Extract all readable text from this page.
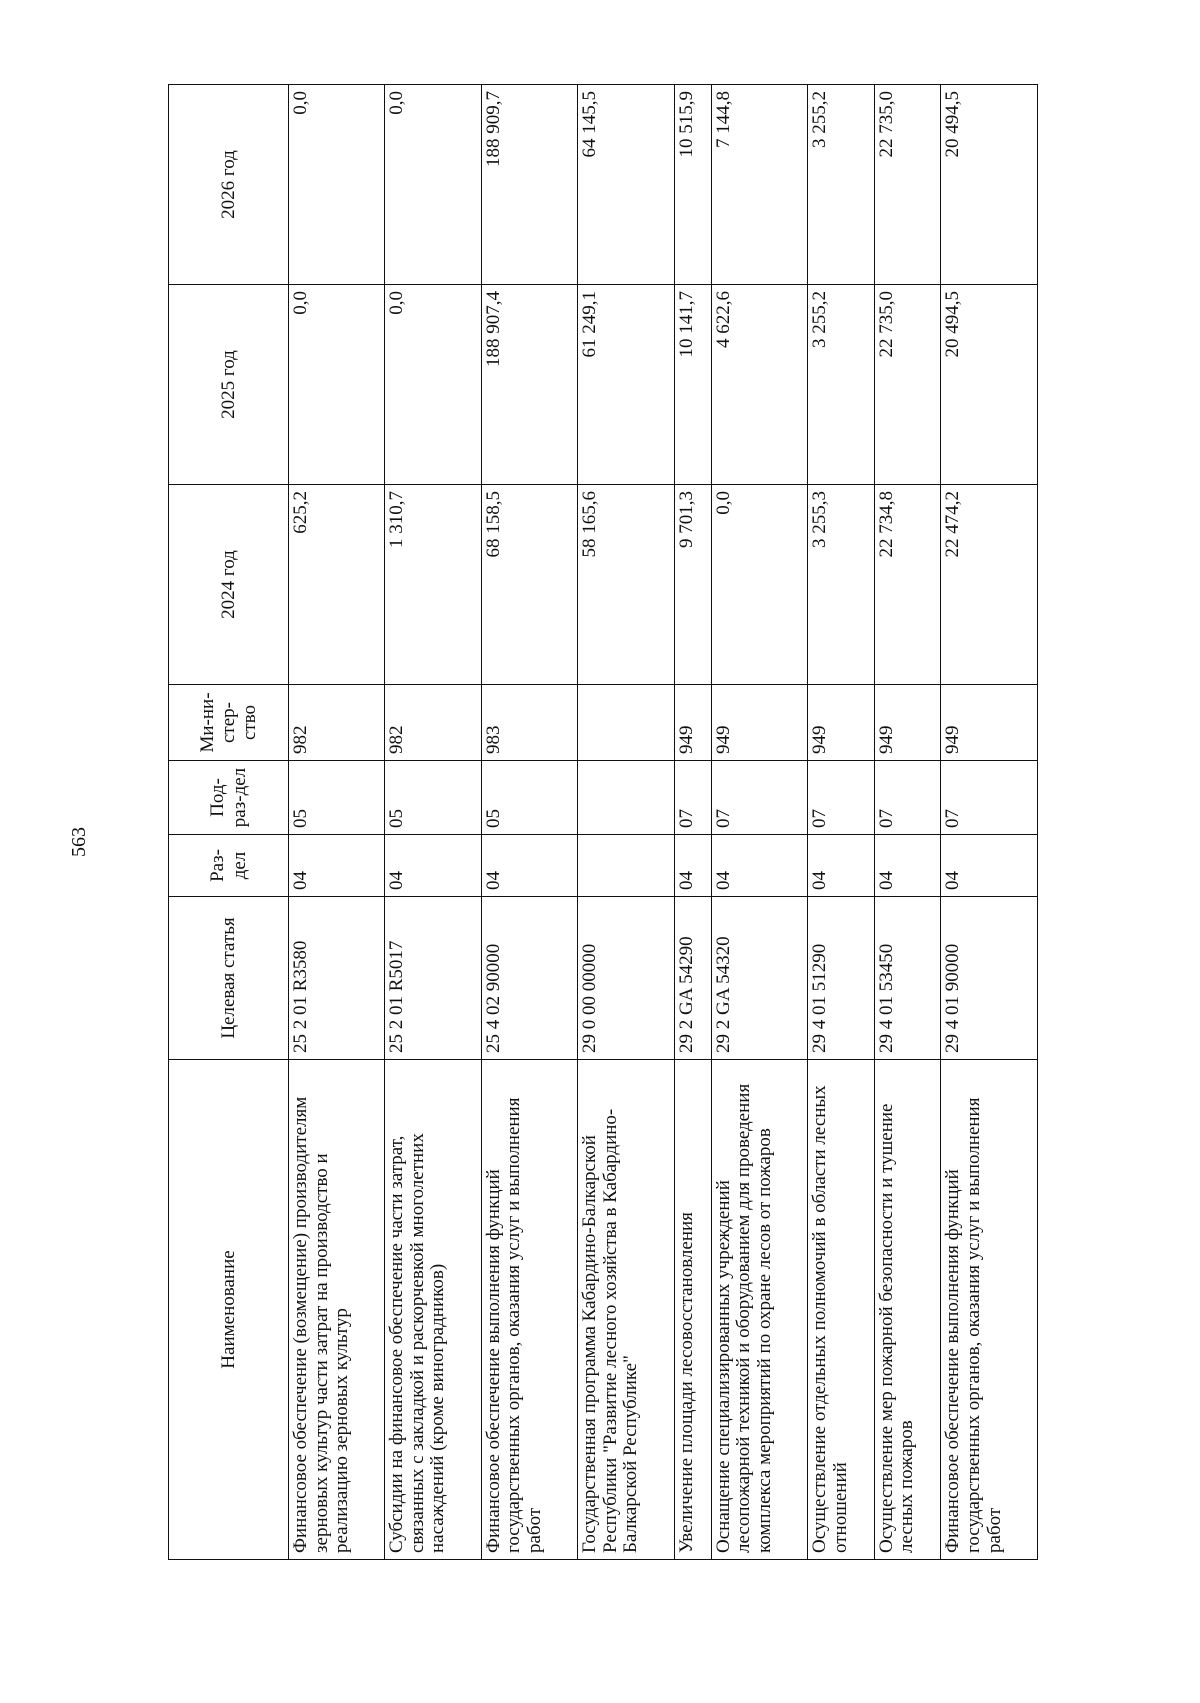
563
Наименование	Целевая статья	Раз-дел	Под-раз-дел	Ми-ни-стер-ство	2024 год	2025 год	2026 год
Финансовое обеспечение (возмещение) производителям зерновых культур части затрат на производство и реализацию зерновых культур	25 2 01 R3580	04	05	982	625,2	0,0	0,0
Субсидии на финансовое обеспечение части затрат, связанных с закладкой и раскорчевкой многолетних насаждений (кроме виноградников)	25 2 01 R5017	04	05	982	1 310,7	0,0	0,0
Финансовое обеспечение выполнения функций государственных органов, оказания услуг и выполнения работ	25 4 02 90000	04	05	983	68 158,5	188 907,4	188 909,7
Государственная программа Кабардино-Балкарской Республики "Развитие лесного хозяйства в Кабардино-Балкарской Республике"	29 0 00 00000				58 165,6	61 249,1	64 145,5
Увеличение площади лесовосстановления	29 2 GA 54290	04	07	949	9 701,3	10 141,7	10 515,9
Оснащение специализированных учреждений лесопожарной техникой и оборудованием для проведения комплекса мероприятий по охране лесов от пожаров	29 2 GA 54320	04	07	949	0,0	4 622,6	7 144,8
Осуществление отдельных полномочий в области лесных отношений	29 4 01 51290	04	07	949	3 255,3	3 255,2	3 255,2
Осуществление мер пожарной безопасности и тушение лесных пожаров	29 4 01 53450	04	07	949	22 734,8	22 735,0	22 735,0
Финансовое обеспечение выполнения функций государственных органов, оказания услуг и выполнения работ	29 4 01 90000	04	07	949	22 474,2	20 494,5	20 494,5
